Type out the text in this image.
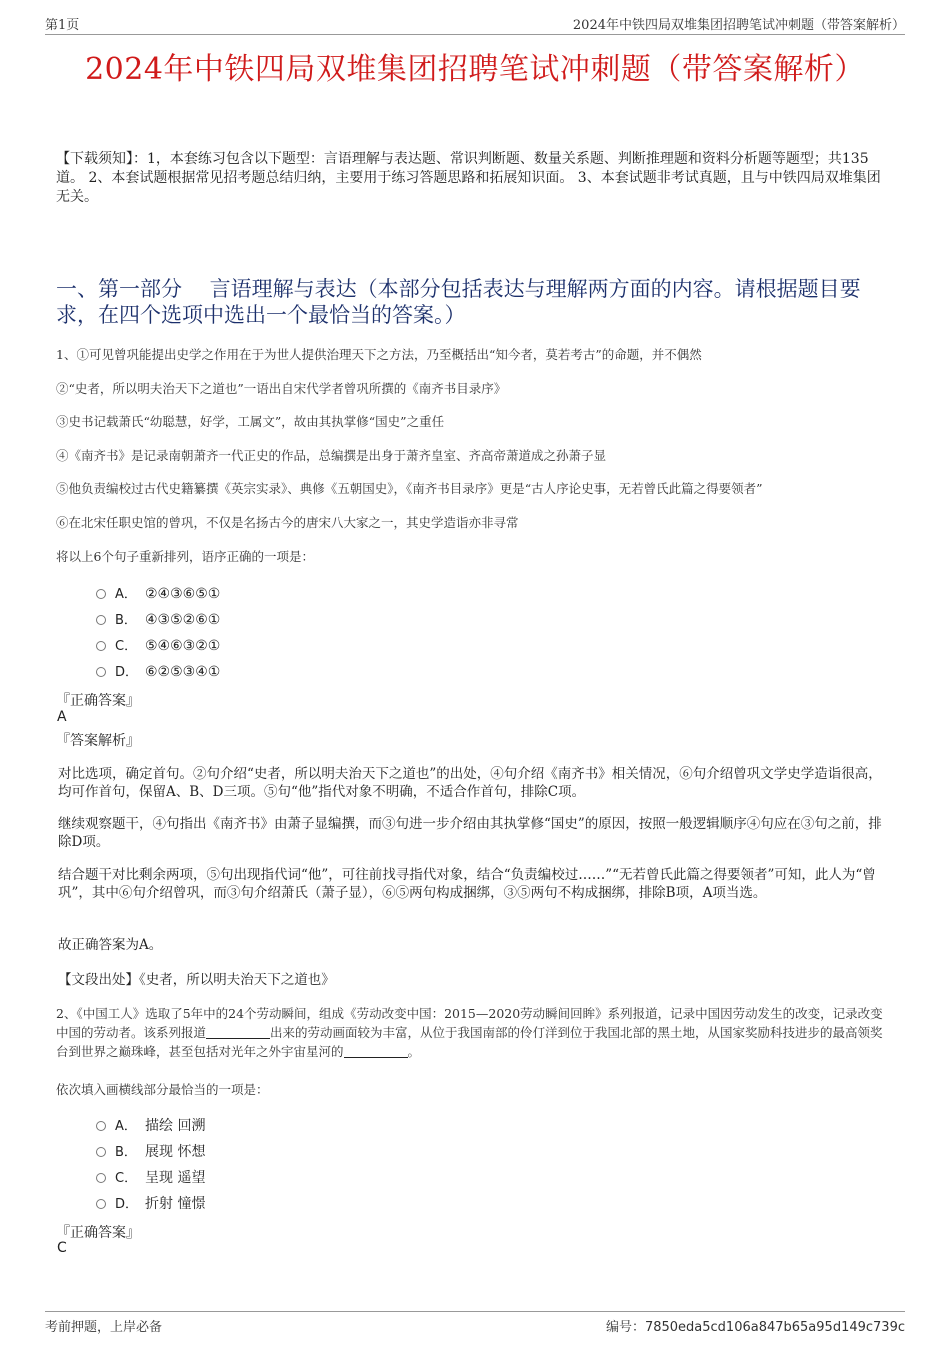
第1页	2024年中铁四局双堆集团招聘笔试冲刺题（带答案解析）
2024年中铁四局双堆集团招聘笔试冲刺题（带答案解析）
【下载须知】：1，本套练习包含以下题型：言语理解与表达题、常识判断题、数量关系题、判断推理题和资料分析题等题型；共135道。 2、本套试题根据常见招考题总结归纳，主要用于练习答题思路和拓展知识面。 3、本套试题非考试真题，且与中铁四局双堆集团无关。
一、第一部分　 言语理解与表达（本部分包括表达与理解两方面的内容。请根据题目要求，在四个选项中选出一个最恰当的答案。）
1、①可见曾巩能提出史学之作用在于为世人提供治理天下之方法，乃至概括出“知今者，莫若考古”的命题，并不偶然
②“史者，所以明夫治天下之道也”一语出自宋代学者曾巩所撰的《南齐书目录序》
③史书记载萧氏“幼聪慧，好学，工属文”，故由其执掌修“国史”之重任
④《南齐书》是记录南朝萧齐一代正史的作品，总编撰是出身于萧齐皇室、齐高帝萧道成之孙萧子显
⑤他负责编校过古代史籍纂撰《英宗实录》、典修《五朝国史》，《南齐书目录序》更是“古人序论史事，无若曾氏此篇之得要领者”
⑥在北宋任职史馆的曾巩，不仅是名扬古今的唐宋八大家之一，其史学造诣亦非寻常
将以上6个句子重新排列，语序正确的一项是：
A． ②④③⑥⑤①
B． ④③⑤②⑥①
C． ⑤④⑥③②①
D． ⑥②⑤③④①
『正确答案』
A
『答案解析』
对比选项，确定首句。②句介绍“史者，所以明夫治天下之道也”的出处，④句介绍《南齐书》相关情况，⑥句介绍曾巩文学史学造诣很高，均可作首句，保留A、B、D三项。⑤句“他”指代对象不明确，不适合作首句，排除C项。
继续观察题干，④句指出《南齐书》由萧子显编撰，而③句进一步介绍由其执掌修“国史”的原因，按照一般逻辑顺序④句应在③句之前，排除D项。
结合题干对比剩余两项，⑤句出现指代词“他”，可往前找寻指代对象，结合“负责编校过……”“无若曾氏此篇之得要领者”可知，此人为“曾巩”，其中⑥句介绍曾巩，而③句介绍萧氏（萧子显），⑥⑤两句构成捆绑，③⑤两句不构成捆绑，排除B项，A项当选。
故正确答案为A。
【文段出处】《史者，所以明夫治天下之道也》
2、《中国工人》选取了5年中的24个劳动瞬间，组成《劳动改变中国：2015—2020劳动瞬间回眸》系列报道，记录中国因劳动发生的改变，记录改变中国的劳动者。该系列报道	出来的劳动画面较为丰富，从位于我国南部的伶仃洋到位于我国北部的黑土地，从国家奖励科技进步的最高领奖台到世界之巅珠峰，甚至包括对光年之外宇宙星河的	。
依次填入画横线部分最恰当的一项是：
A． 描绘 回溯
B． 展现 怀想
C． 呈现 遥望
D． 折射 憧憬
『正确答案』
C
考前押题，上岸必备	编号：7850eda5cd106a847b65a95d149c739c
